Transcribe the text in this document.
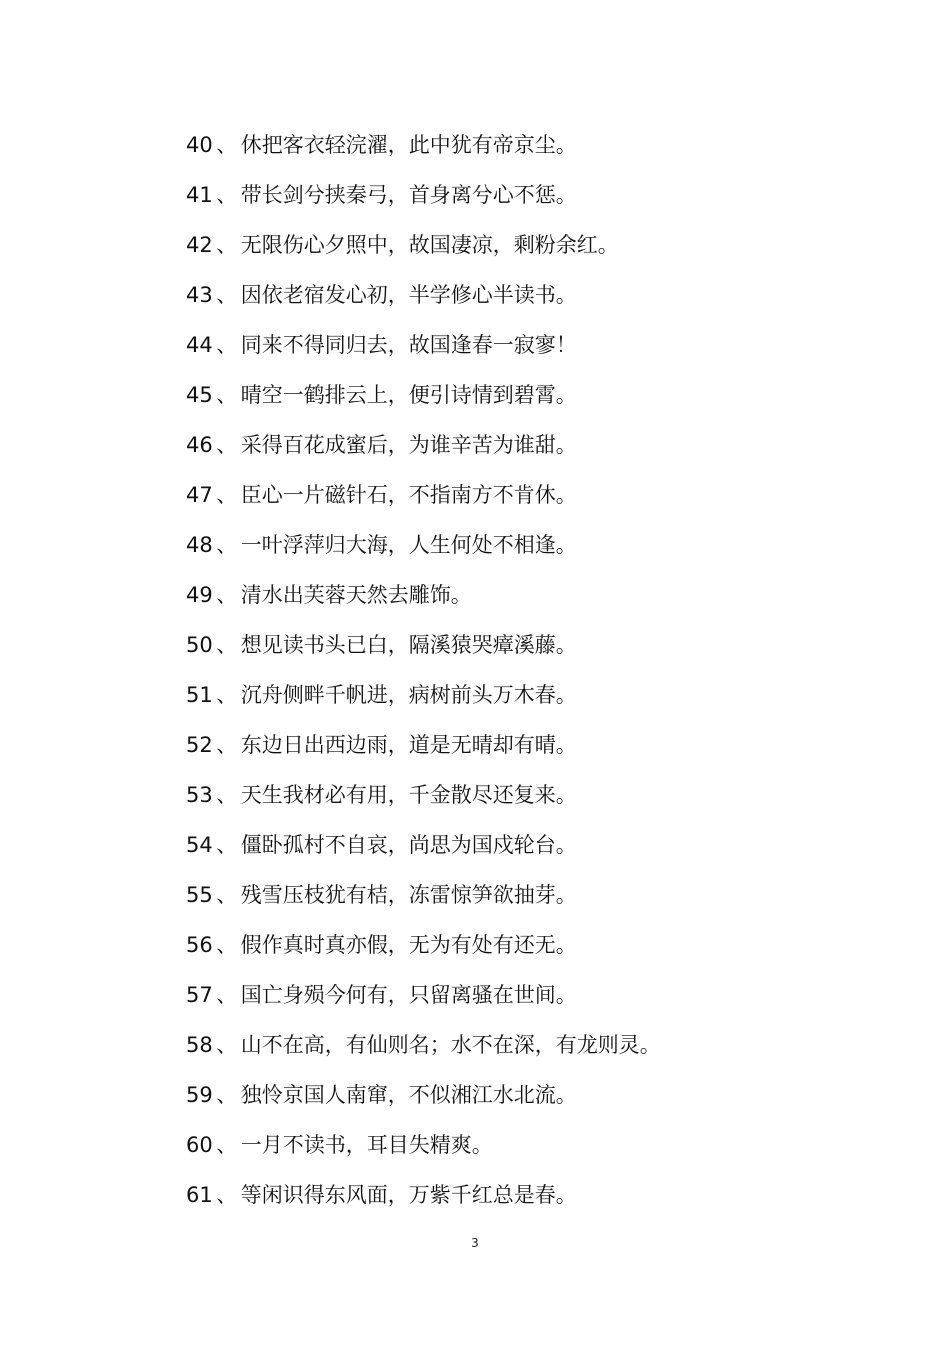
40 、 休把客衣轻浣濯，此中犹有帝京尘。
41 、 带长剑兮挟秦弓，首身离兮心不惩。
42 、 无限伤心夕照中，故国凄凉，剩粉余红。
43 、 因依老宿发心初，半学修心半读书。
44 、 同来不得同归去，故国逢春一寂寥！
45 、 晴空一鹤排云上，便引诗情到碧霄。
46 、 采得百花成蜜后，为谁辛苦为谁甜。
47 、 臣心一片磁针石，不指南方不肯休。
48 、 一叶浮萍归大海，人生何处不相逢。
49 、 清水出芙蓉天然去雕饰。
50 、 想见读书头已白，隔溪猿哭瘴溪藤。
51 、 沉舟侧畔千帆进，病树前头万木春。
52 、 东边日出西边雨，道是无晴却有晴。
53 、 天生我材必有用，千金散尽还复来。
54 、 僵卧孤村不自哀，尚思为国戍轮台。
55 、 残雪压枝犹有桔，冻雷惊笋欲抽芽。
56 、 假作真时真亦假，无为有处有还无。
57 、 国亡身殒今何有，只留离骚在世间。
58 、 山不在高，有仙则名；水不在深，有龙则灵。
59 、 独怜京国人南窜，不似湘江水北流。
60 、 一月不读书，耳目失精爽。
61 、 等闲识得东风面，万紫千红总是春。
3
